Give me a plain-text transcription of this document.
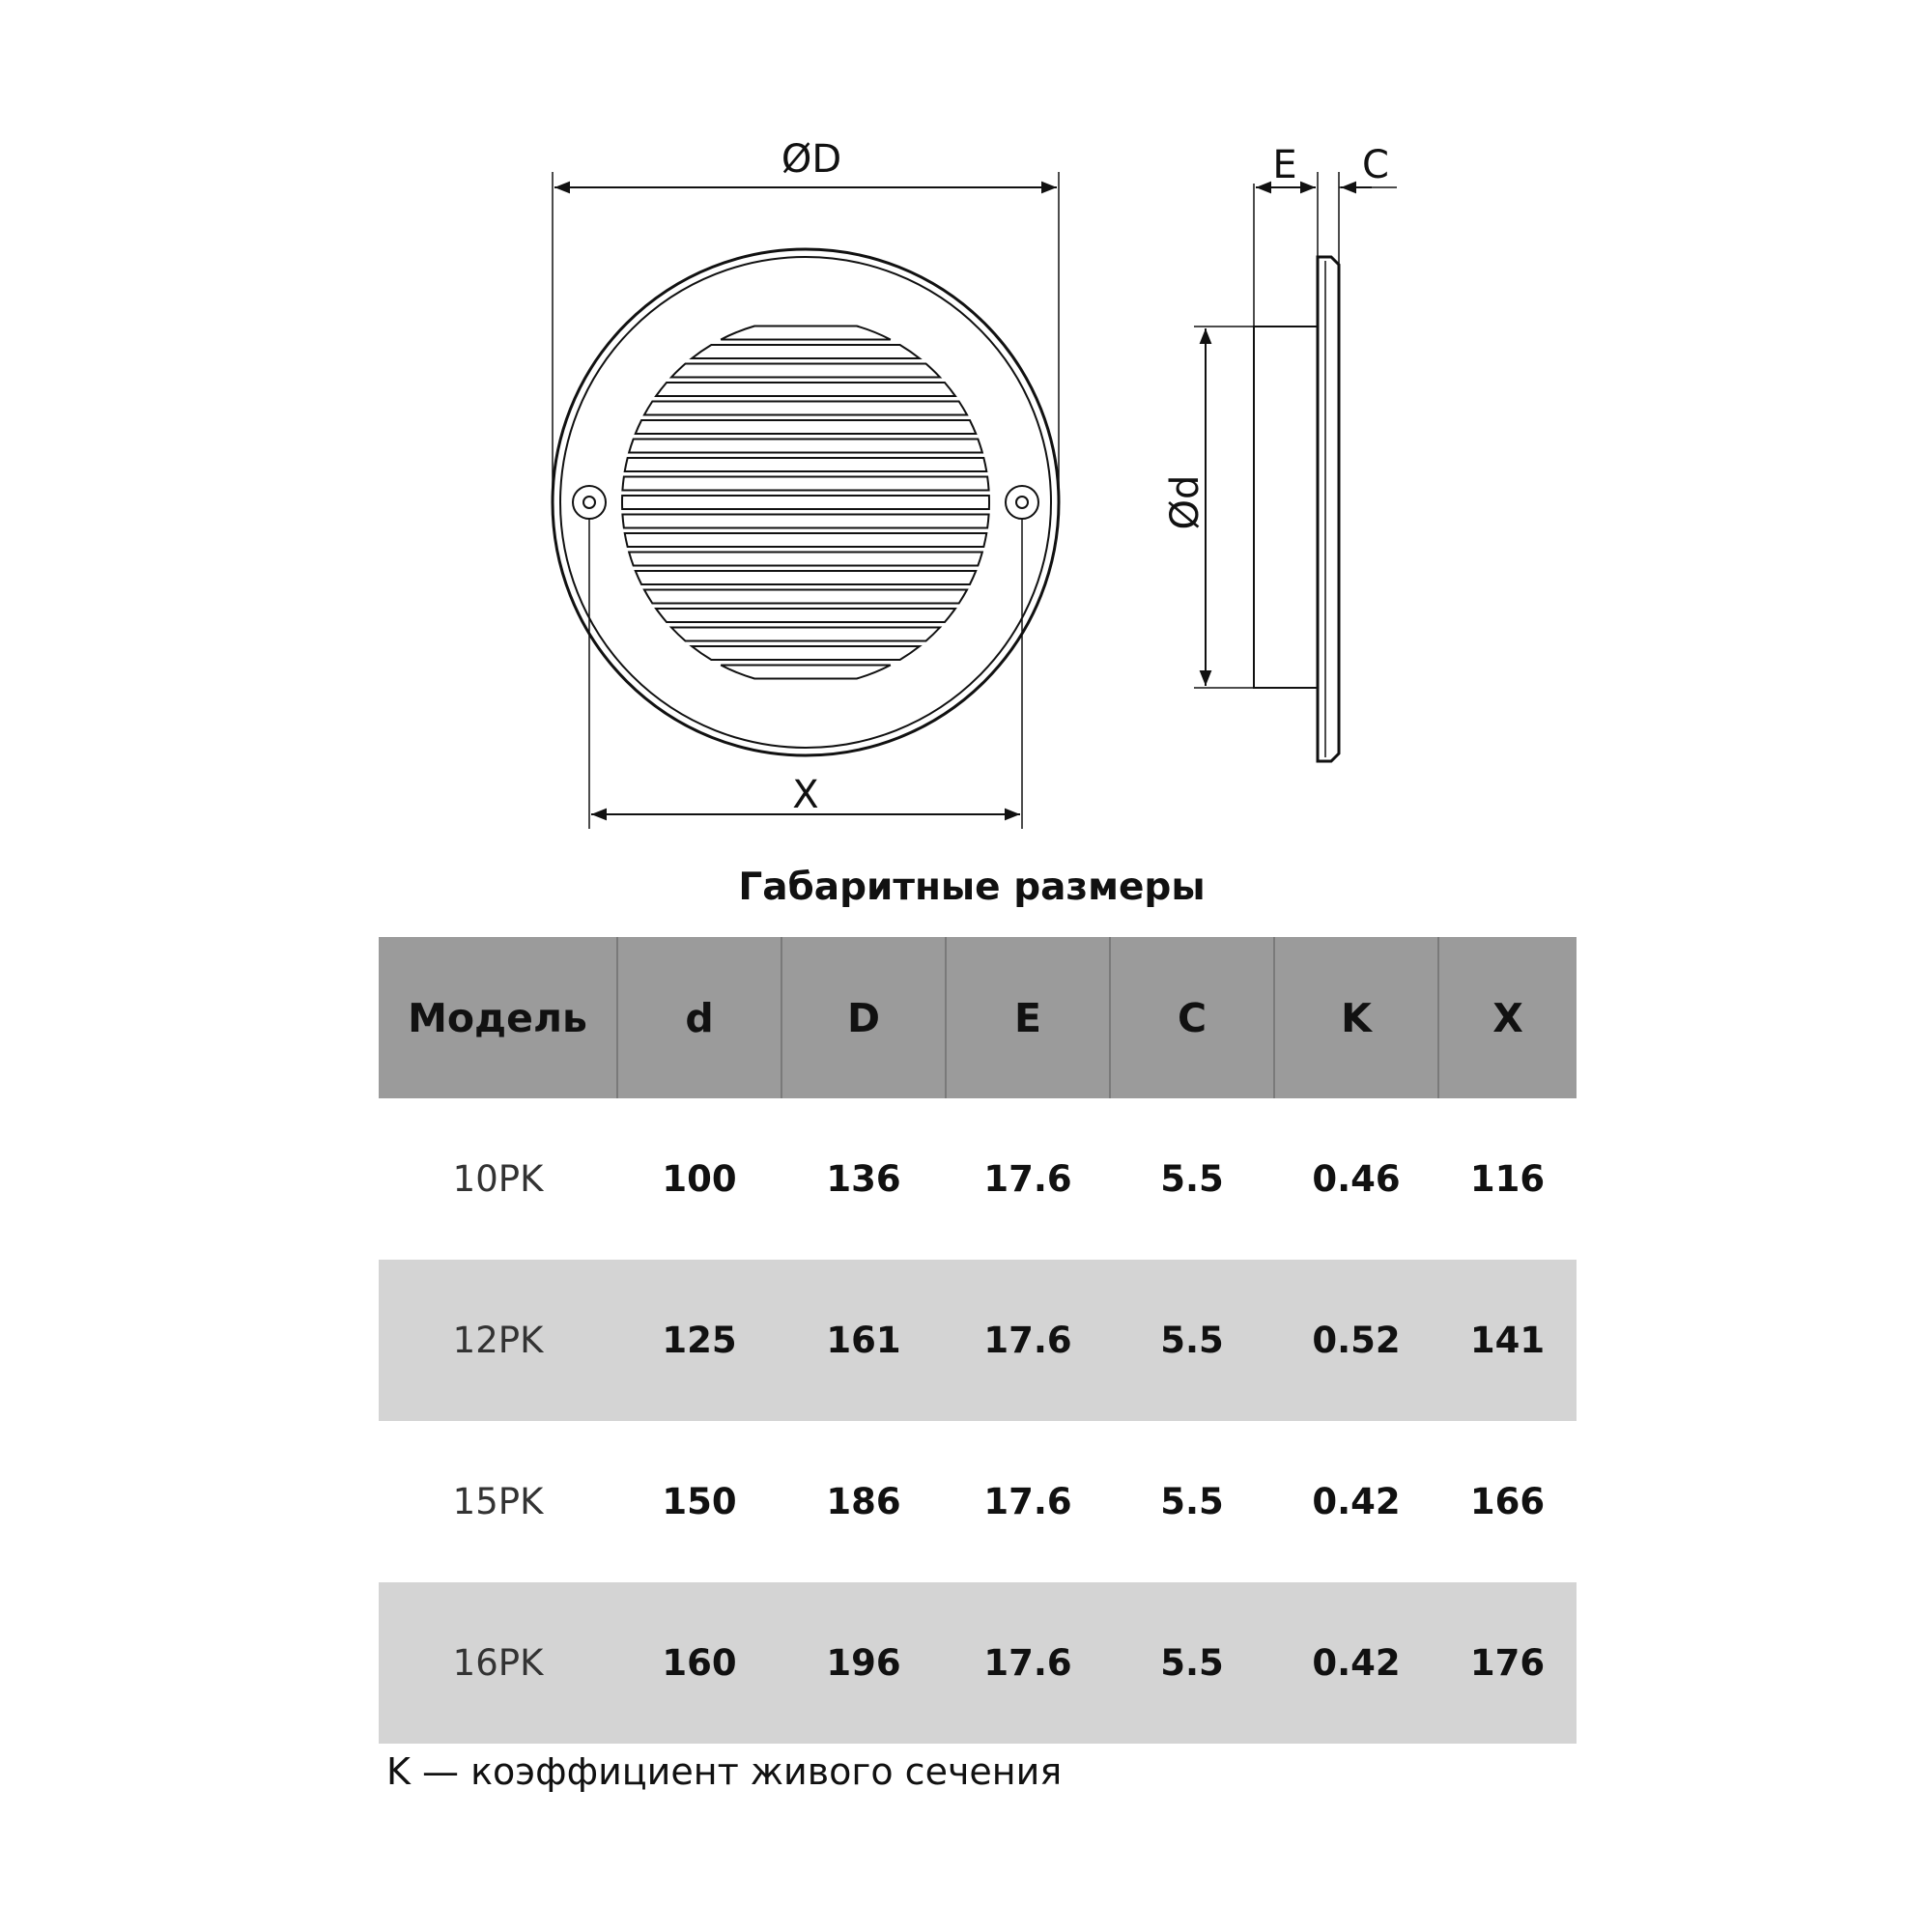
ØD
X
E C
Ød
Габаритные размеры
Модель	d	D	E	C	K	X
10PK	100	136	17.6	5.5	0.46	116
12PK	125	161	17.6	5.5	0.52	141
15PK	150	186	17.6	5.5	0.42	166
16PK	160	196	17.6	5.5	0.42	176
K — коэффициент живого сечения
